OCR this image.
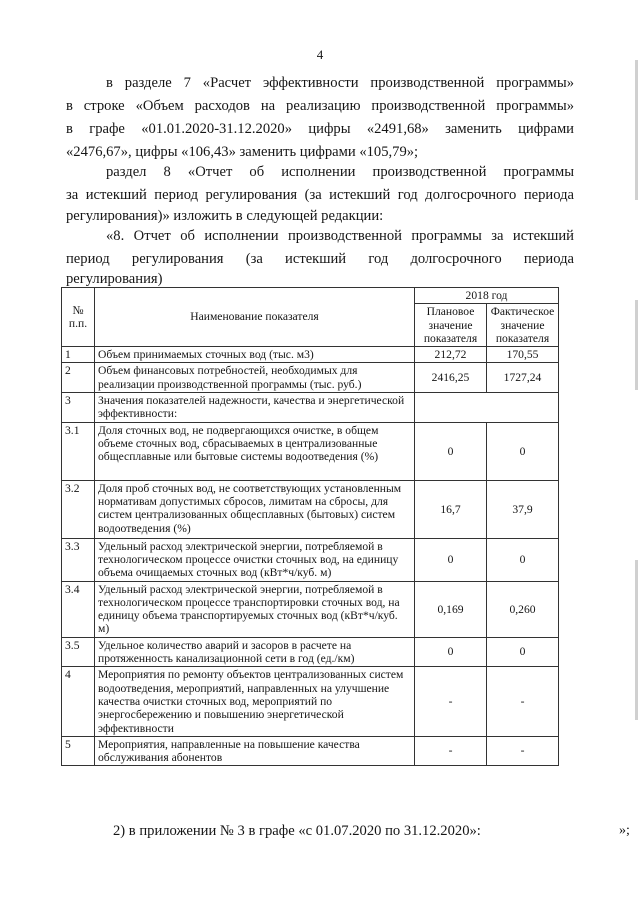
4
в разделе 7 «Расчет эффективности производственной программы»
в строке «Объем расходов на реализацию производственной программы»
в графе «01.01.2020-31.12.2020» цифры «2491,68» заменить цифрами
«2476,67», цифры «106,43» заменить цифрами «105,79»;
раздел 8 «Отчет об исполнении производственной программы
за истекший период регулирования (за истекший год долгосрочного периода
регулирования)» изложить в следующей редакции:
«8. Отчет об исполнении производственной программы за истекший
период регулирования (за истекший год долгосрочного периода
регулирования)
№ п.п.	Наименование показателя	2018 год	
		Плановое значение показателя	Фактическое значение показателя
1	Объем принимаемых сточных вод (тыс. м3)	212,72	170,55
2	Объем финансовых потребностей, необходимых для реализации производственной программы (тыс. руб.)	2416,25	1727,24
3	Значения показателей надежности, качества и энергетической эффективности:		
3.1	Доля сточных вод, не подвергающихся очистке, в общем объеме сточных вод, сбрасываемых в централизованные общесплавные или бытовые системы водоотведения (%)	0	0
3.2	Доля проб сточных вод, не соответствующих установленным нормативам допустимых сбросов, лимитам на сбросы, для систем централизованных общесплавных (бытовых) систем водоотведения (%)	16,7	37,9
3.3	Удельный расход электрической энергии, потребляемой в технологическом процессе очистки сточных вод, на единицу объема очищаемых сточных вод (кВт*ч/куб. м)	0	0
3.4	Удельный расход электрической энергии, потребляемой в технологическом процессе транспортировки сточных вод, на единицу объема транспортируемых сточных вод (кВт*ч/куб. м)	0,169	0,260
3.5	Удельное количество аварий и засоров в расчете на протяженность канализационной сети в год (ед./км)	0	0
4	Мероприятия по ремонту объектов централизованных систем водоотведения, мероприятий, направленных на улучшение качества очистки сточных вод, мероприятий по энергосбережению и повышению энергетической эффективности	-	-
5	Мероприятия, направленные на повышение качества обслуживания абонентов	-	-
»;
2) в приложении № 3 в графе «с 01.07.2020 по 31.12.2020»:
